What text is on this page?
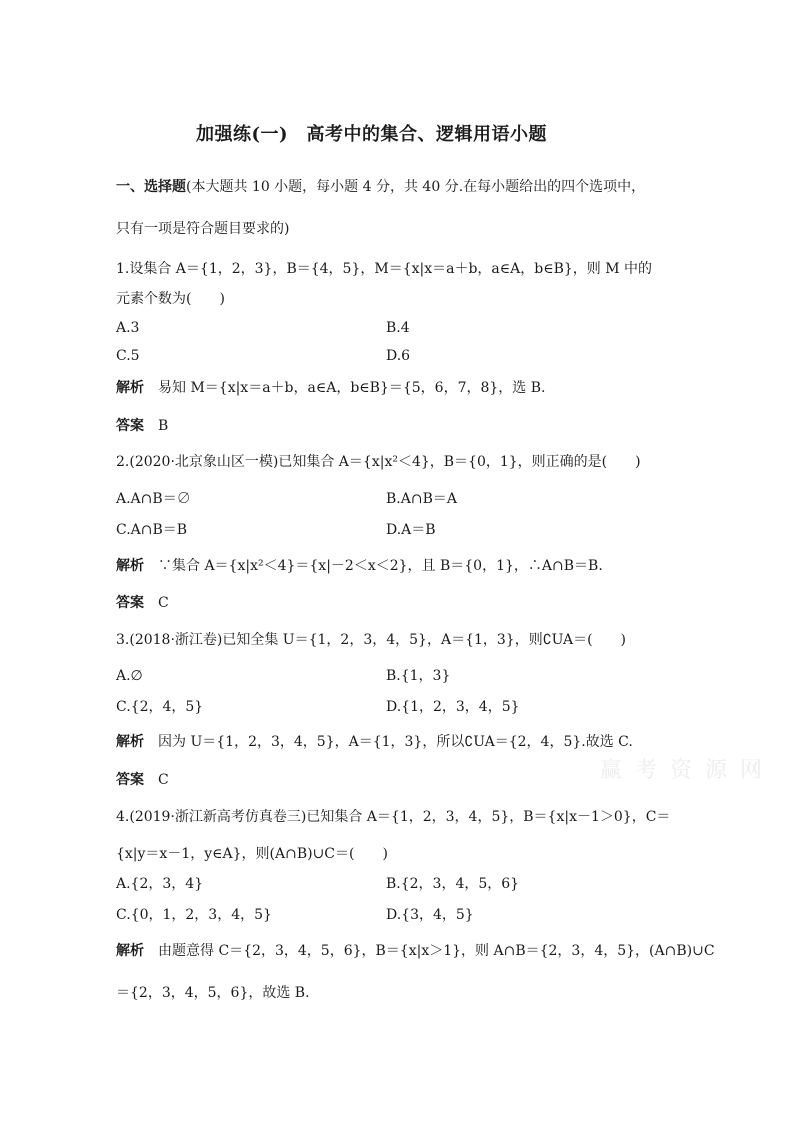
加强练(一)　高考中的集合、逻辑用语小题
一、选择题(本大题共 10 小题，每小题 4 分，共 40 分.在每小题给出的四个选项中，
只有一项是符合题目要求的)
1.设集合 A＝{1，2，3}，B＝{4，5}，M＝{x|x＝a＋b，a∈A，b∈B}，则 M 中的
元素个数为(　　)
A.3	B.4
C.5	D.6
解析　 易知 M＝{x|x＝a＋b，a∈A，b∈B}＝{5，6，7，8}，选 B.
答案　 B
2.(2020·北京象山区一模)已知集合 A＝{x|x²＜4}，B＝{0，1}，则正确的是(　　)
A.A∩B＝∅	B.A∩B＝A
C.A∩B＝B	D.A＝B
解析　 ∵集合 A＝{x|x²＜4}＝{x|－2＜x＜2}，且 B＝{0，1}，∴A∩B＝B.
答案　 C
3.(2018·浙江卷)已知全集 U＝{1，2，3，4，5}，A＝{1，3}，则∁UA＝(　　)
A.∅	B.{1，3}
C.{2，4，5}	D.{1，2，3，4，5}
解析　 因为 U＝{1，2，3，4，5}，A＝{1，3}，所以∁UA＝{2，4，5}.故选 C.
赢 考 资 源 网
答案　 C
4.(2019·浙江新高考仿真卷三)已知集合 A＝{1，2，3，4，5}，B＝{x|x－1＞0}，C＝
{x|y＝x－1，y∈A}，则(A∩B)∪C＝(　　)
A.{2，3，4}	B.{2，3，4，5，6}
C.{0，1，2，3，4，5}	D.{3，4，5}
解析　 由题意得 C＝{2，3，4，5，6}，B＝{x|x＞1}，则 A∩B＝{2，3，4，5}，(A∩B)∪C
＝{2，3，4，5，6}，故选 B.
